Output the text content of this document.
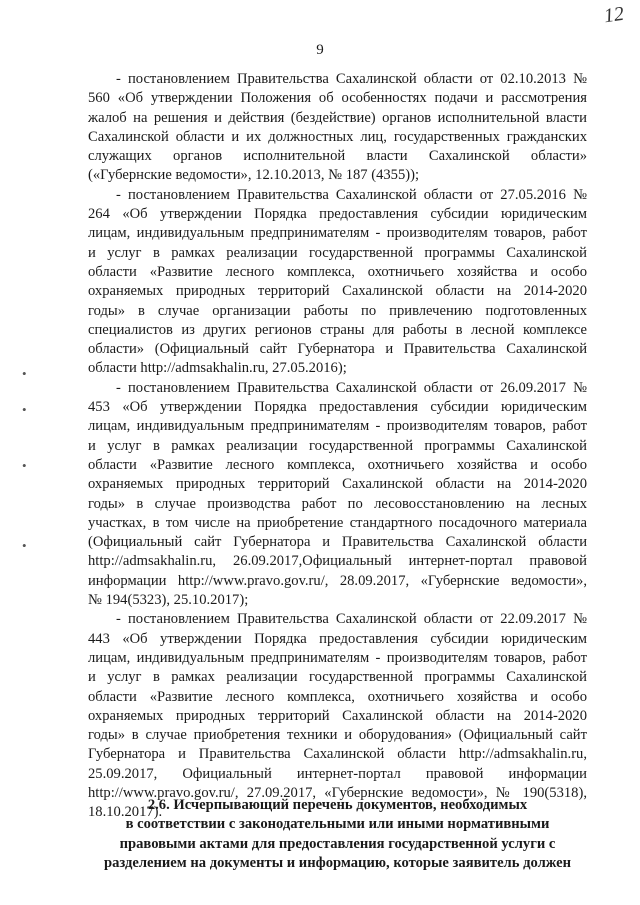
9
12
•
•
•
•
- постановлением Правительства Сахалинской области от 02.10.2013 №
560 «Об утверждении Положения об особенностях подачи и рассмотрения
жалоб на решения и действия (бездействие) органов исполнительной власти
Сахалинской области и их должностных лиц, государственных гражданских
служащих органов исполнительной власти Сахалинской области»
(«Губернские ведомости», 12.10.2013, № 187 (4355));
- постановлением Правительства Сахалинской области от 27.05.2016 №
264 «Об утверждении Порядка предоставления субсидии юридическим
лицам, индивидуальным предпринимателям - производителям товаров, работ
и услуг в рамках реализации государственной программы Сахалинской
области «Развитие лесного комплекса, охотничьего хозяйства и особо
охраняемых природных территорий Сахалинской области на 2014-2020
годы» в случае организации работы по привлечению подготовленных
специалистов из других регионов страны для работы в лесной комплексе
области» (Официальный сайт Губернатора и Правительства Сахалинской
области http://admsakhalin.ru, 27.05.2016);
- постановлением Правительства Сахалинской области от 26.09.2017 №
453 «Об утверждении Порядка предоставления субсидии юридическим
лицам, индивидуальным предпринимателям - производителям товаров, работ
и услуг в рамках реализации государственной программы Сахалинской
области «Развитие лесного комплекса, охотничьего хозяйства и особо
охраняемых природных территорий Сахалинской области на 2014-2020
годы» в случае производства работ по лесовосстановлению на лесных
участках, в том числе на приобретение стандартного посадочного материала
(Официальный сайт Губернатора и Правительства Сахалинской области
http://admsakhalin.ru, 26.09.2017,Официальный интернет-портал правовой
информации http://www.pravo.gov.ru/, 28.09.2017, «Губернские ведомости»,
№ 194(5323), 25.10.2017);
- постановлением Правительства Сахалинской области от 22.09.2017 №
443 «Об утверждении Порядка предоставления субсидии юридическим
лицам, индивидуальным предпринимателям - производителям товаров, работ
и услуг в рамках реализации государственной программы Сахалинской
области «Развитие лесного комплекса, охотничьего хозяйства и особо
охраняемых природных территорий Сахалинской области на 2014-2020
годы» в случае приобретения техники и оборудования» (Официальный сайт
Губернатора и Правительства Сахалинской области http://admsakhalin.ru,
25.09.2017, Официальный интернет-портал правовой информации
http://www.pravo.gov.ru/, 27.09.2017, «Губернские ведомости», № 190(5318),
18.10.2017).
2.6. Исчерпывающий перечень документов, необходимых
в соответствии с законодательными или иными нормативными
правовыми актами для предоставления государственной услуги с
разделением на документы и информацию, которые заявитель должен
